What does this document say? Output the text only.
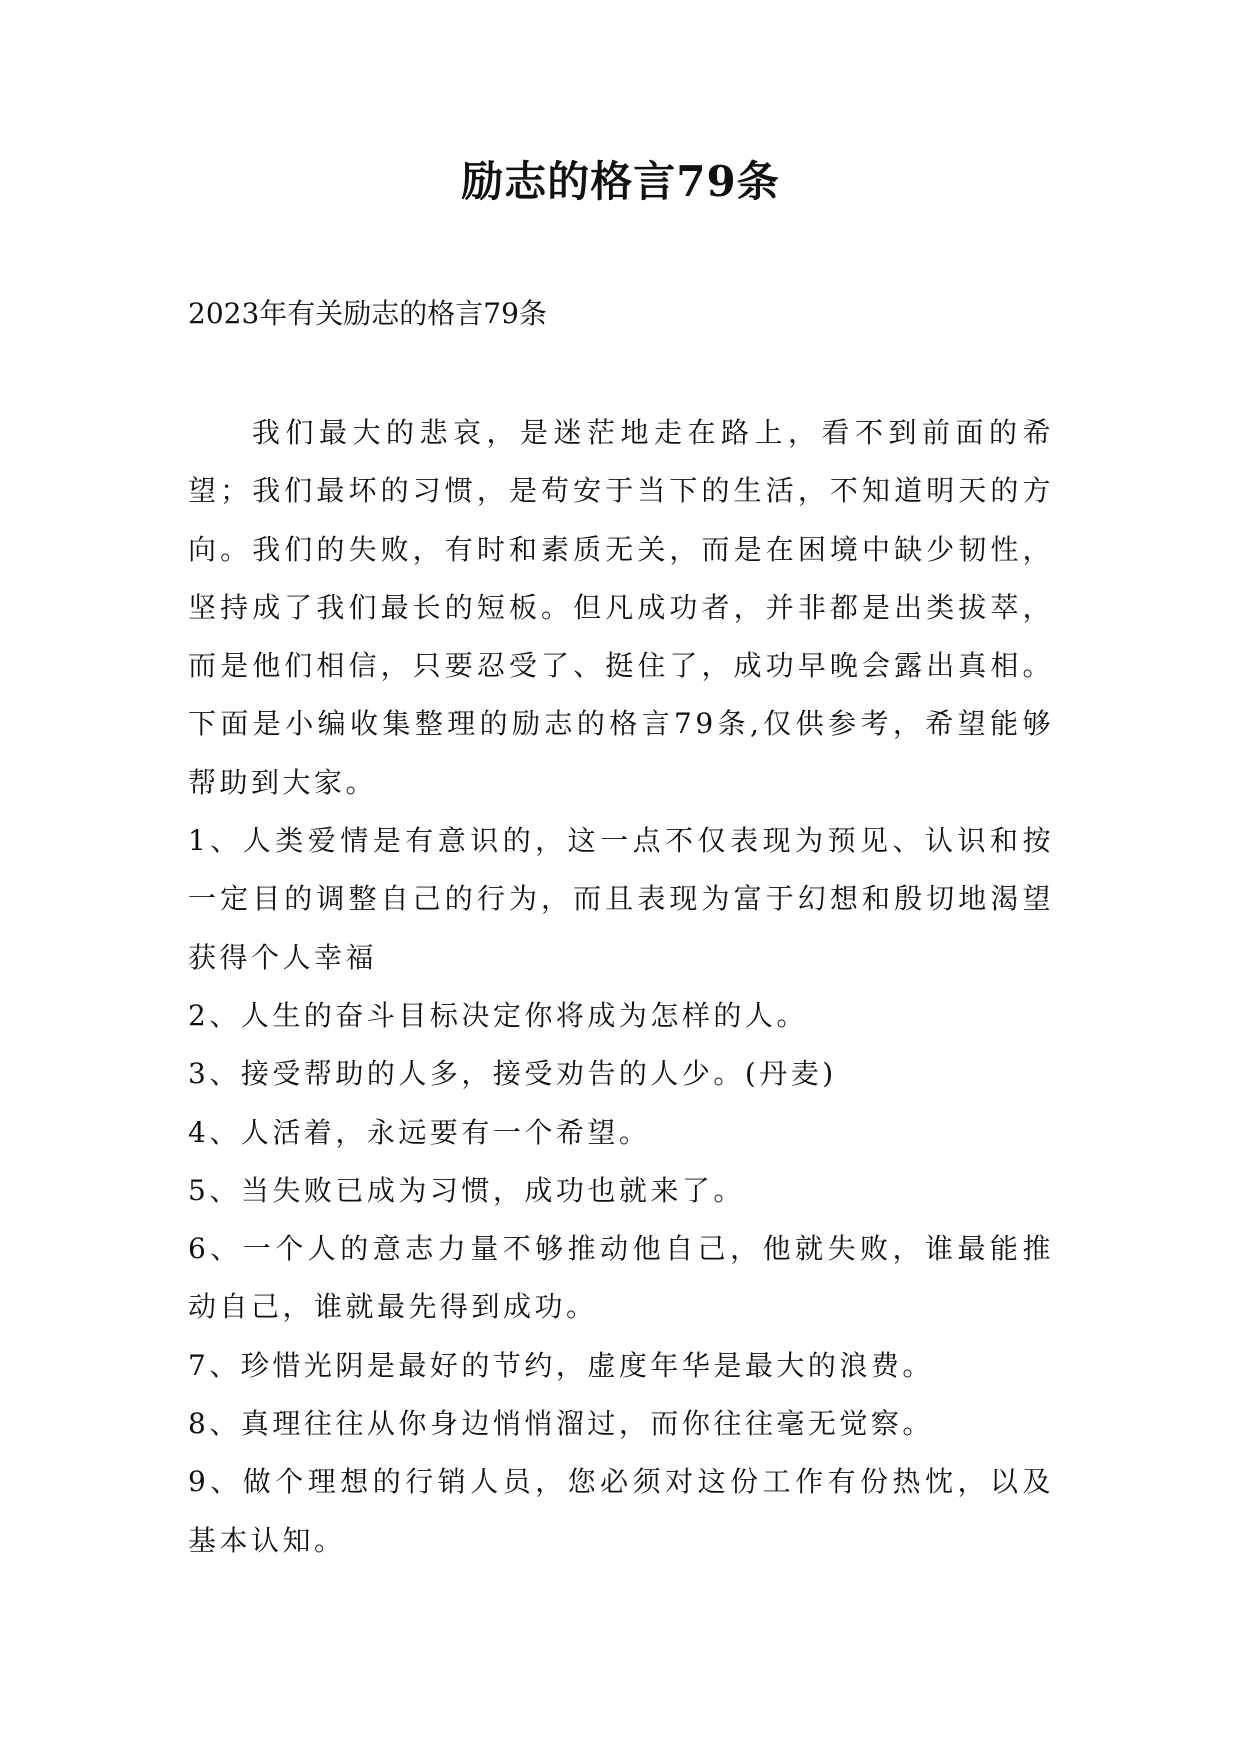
励志的格言79条
2023年有关励志的格言79条

我们最大的悲哀，是迷茫地走在路上，看不到前面的希望；我们最坏的习惯，是苟安于当下的生活，不知道明天的方向。我们的失败，有时和素质无关，而是在困境中缺少韧性，坚持成了我们最长的短板。但凡成功者，并非都是出类拔萃，而是他们相信，只要忍受了、挺住了，成功早晚会露出真相。下面是小编收集整理的励志的格言79条,仅供参考，希望能够帮助到大家。

1、人类爱情是有意识的，这一点不仅表现为预见、认识和按一定目的调整自己的行为，而且表现为富于幻想和殷切地渴望获得个人幸福

2、人生的奋斗目标决定你将成为怎样的人。

3、接受帮助的人多，接受劝告的人少。(丹麦)

4、人活着，永远要有一个希望。

5、当失败已成为习惯，成功也就来了。

6、一个人的意志力量不够推动他自己，他就失败，谁最能推动自己，谁就最先得到成功。

7、珍惜光阴是最好的节约，虚度年华是最大的浪费。

8、真理往往从你身边悄悄溜过，而你往往毫无觉察。

9、做个理想的行销人员，您必须对这份工作有份热忱，以及基本认知。
